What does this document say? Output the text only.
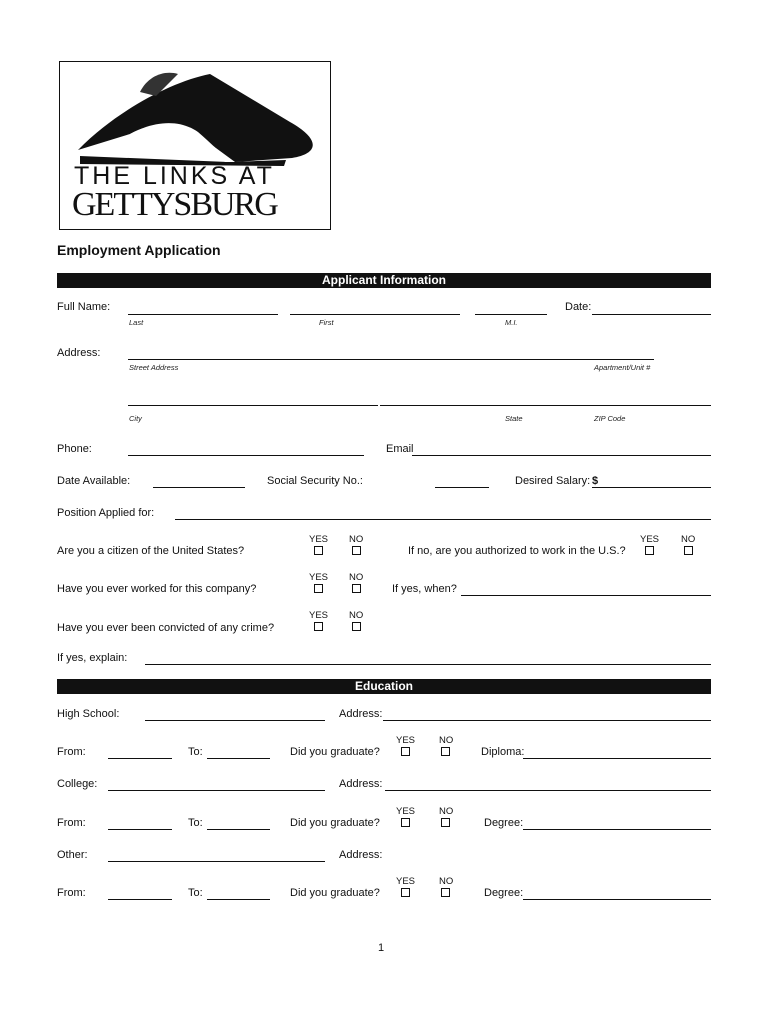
THE LINKS AT
GETTYSBURG
Employment Application
Applicant Information
Full Name:
Last	First	M.I.
Date:
Address:
Street Address	Apartment/Unit #
City	State	ZIP Code
Phone:	Email
Date Available:	Social Security No.:	Desired Salary: $
Position Applied for:
YES NO
Are you a citizen of the United States?
YES NO
If no, are you authorized to work in the U.S.?
YES NO
Have you ever worked for this company?	If yes, when?
YES NO
Have you ever been convicted of any crime?
If yes, explain:
Education
High School:	Address:
YES	NO
From:	To:	Did you graduate?	Diploma:
College:	Address:
YES	NO
From:	To:	Did you graduate?	Degree:
Other:	Address:
YES	NO
From:	To:	Did you graduate?	Degree:
1
